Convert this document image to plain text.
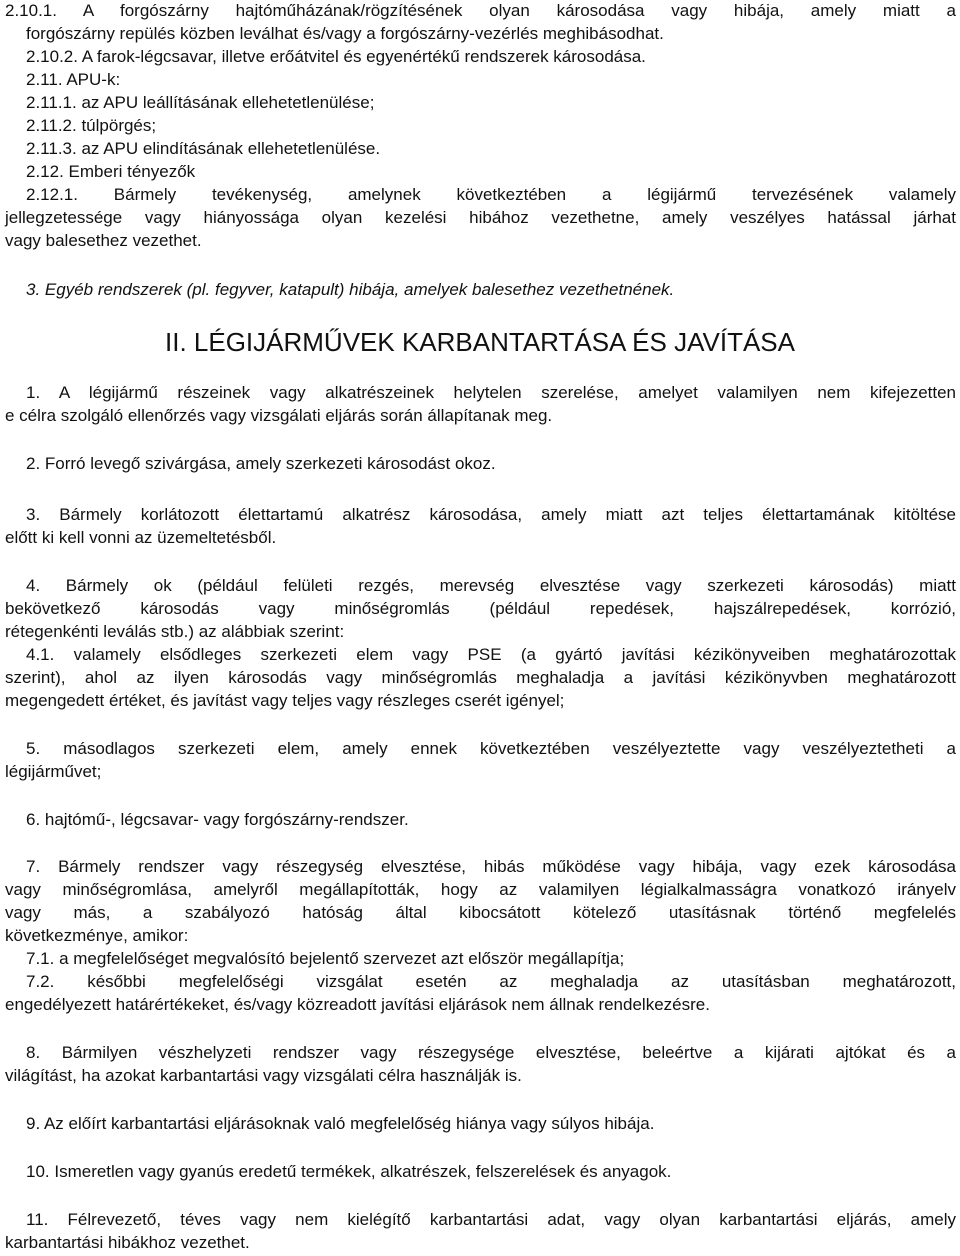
2.10.1. A forgószárny hajtóműházának/rögzítésének olyan károsodása vagy hibája, amely miatt a
forgószárny repülés közben leválhat és/vagy a forgószárny-vezérlés meghibásodhat.
2.10.2. A farok-légcsavar, illetve erőátvitel és egyenértékű rendszerek károsodása.
2.11. APU-k:
2.11.1. az APU leállításának ellehetetlenülése;
2.11.2. túlpörgés;
2.11.3. az APU elindításának ellehetetlenülése.
2.12. Emberi tényezők
2.12.1. Bármely tevékenység, amelynek következtében a légijármű tervezésének valamely
jellegzetessége vagy hiányossága olyan kezelési hibához vezethetne, amely veszélyes hatással járhat
vagy balesethez vezethet.
3. Egyéb rendszerek (pl. fegyver, katapult) hibája, amelyek balesethez vezethetnének.
II. LÉGIJÁRMŰVEK KARBANTARTÁSA ÉS JAVÍTÁSA
1. A légijármű részeinek vagy alkatrészeinek helytelen szerelése, amelyet valamilyen nem kifejezetten
e célra szolgáló ellenőrzés vagy vizsgálati eljárás során állapítanak meg.
2. Forró levegő szivárgása, amely szerkezeti károsodást okoz.
3. Bármely korlátozott élettartamú alkatrész károsodása, amely miatt azt teljes élettartamának kitöltése
előtt ki kell vonni az üzemeltetésből.
4. Bármely ok (például felületi rezgés, merevség elvesztése vagy szerkezeti károsodás) miatt
bekövetkező károsodás vagy minőségromlás (például repedések, hajszálrepedések, korrózió,
rétegenkénti leválás stb.) az alábbiak szerint:
4.1. valamely elsődleges szerkezeti elem vagy PSE (a gyártó javítási kézikönyveiben meghatározottak
szerint), ahol az ilyen károsodás vagy minőségromlás meghaladja a javítási kézikönyvben meghatározott
megengedett értéket, és javítást vagy teljes vagy részleges cserét igényel;
5. másodlagos szerkezeti elem, amely ennek következtében veszélyeztette vagy veszélyeztetheti a
légijárművet;
6. hajtómű-, légcsavar- vagy forgószárny-rendszer.
7. Bármely rendszer vagy részegység elvesztése, hibás működése vagy hibája, vagy ezek károsodása
vagy minőségromlása, amelyről megállapították, hogy az valamilyen légialkalmasságra vonatkozó irányelv
vagy más, a szabályozó hatóság által kibocsátott kötelező utasításnak történő megfelelés
következménye, amikor:
7.1. a megfelelőséget megvalósító bejelentő szervezet azt először megállapítja;
7.2. későbbi megfelelőségi vizsgálat esetén az meghaladja az utasításban meghatározott,
engedélyezett határértékeket, és/vagy közreadott javítási eljárások nem állnak rendelkezésre.
8. Bármilyen vészhelyzeti rendszer vagy részegysége elvesztése, beleértve a kijárati ajtókat és a
világítást, ha azokat karbantartási vagy vizsgálati célra használják is.
9. Az előírt karbantartási eljárásoknak való megfelelőség hiánya vagy súlyos hibája.
10. Ismeretlen vagy gyanús eredetű termékek, alkatrészek, felszerelések és anyagok.
11. Félrevezető, téves vagy nem kielégítő karbantartási adat, vagy olyan karbantartási eljárás, amely
karbantartási hibákhoz vezethet.
